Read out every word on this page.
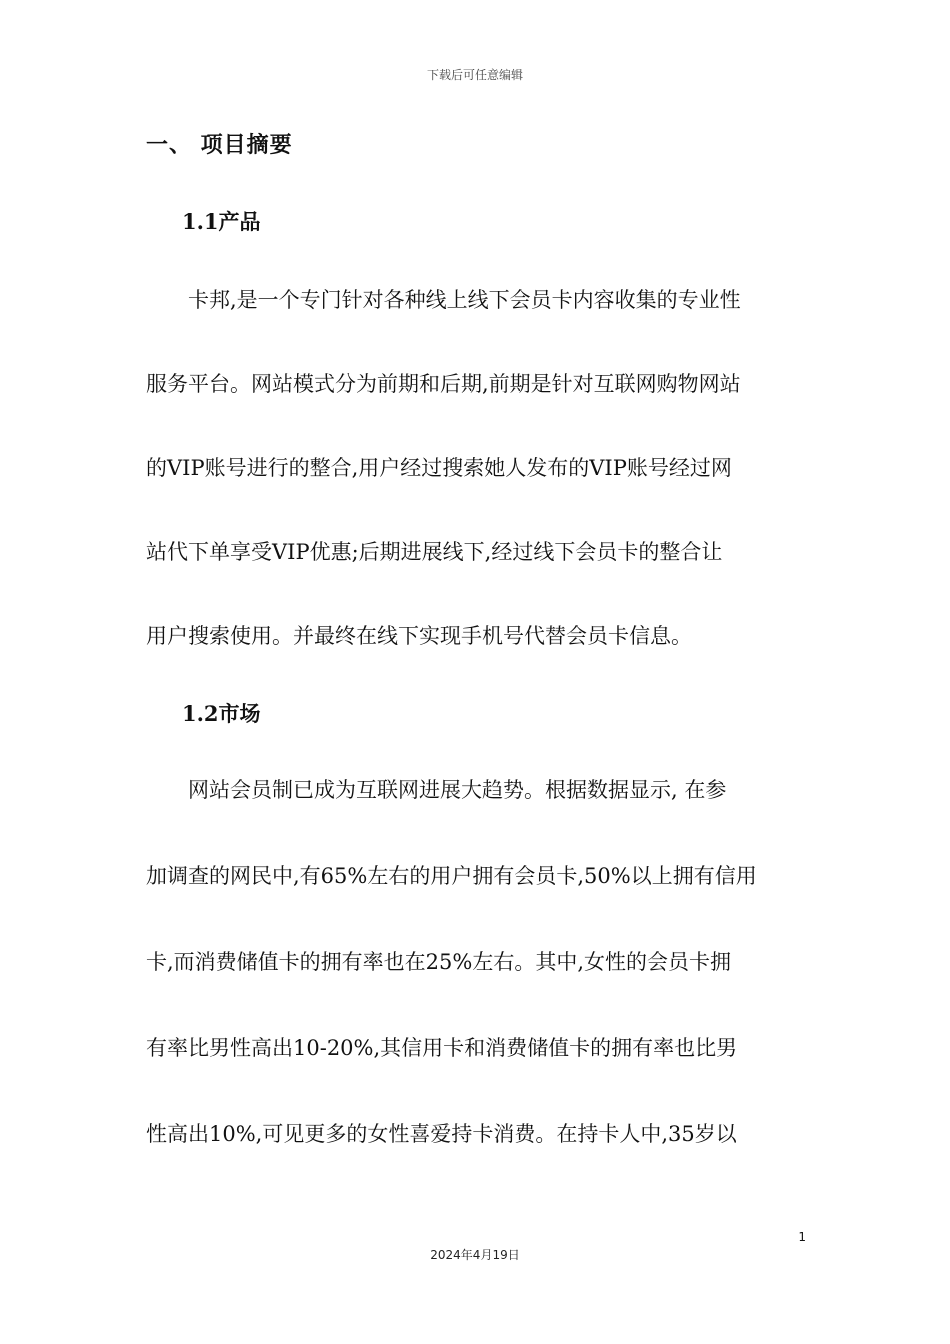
下载后可任意编辑
一、 项目摘要
1.1产品
　　卡邦,是一个专门针对各种线上线下会员卡内容收集的专业性
服务平台。网站模式分为前期和后期,前期是针对互联网购物网站
的VIP账号进行的整合,用户经过搜索她人发布的VIP账号经过网
站代下单享受VIP优惠;后期进展线下,经过线下会员卡的整合让
用户搜索使用。并最终在线下实现手机号代替会员卡信息。
1.2市场
　　网站会员制已成为互联网进展大趋势。根据数据显示, 在参
加调查的网民中,有65%左右的用户拥有会员卡,50%以上拥有信用
卡,而消费储值卡的拥有率也在25%左右。其中,女性的会员卡拥
有率比男性高出10-20%,其信用卡和消费储值卡的拥有率也比男
性高出10%,可见更多的女性喜爱持卡消费。在持卡人中,35岁以
1
2024年4月19日
